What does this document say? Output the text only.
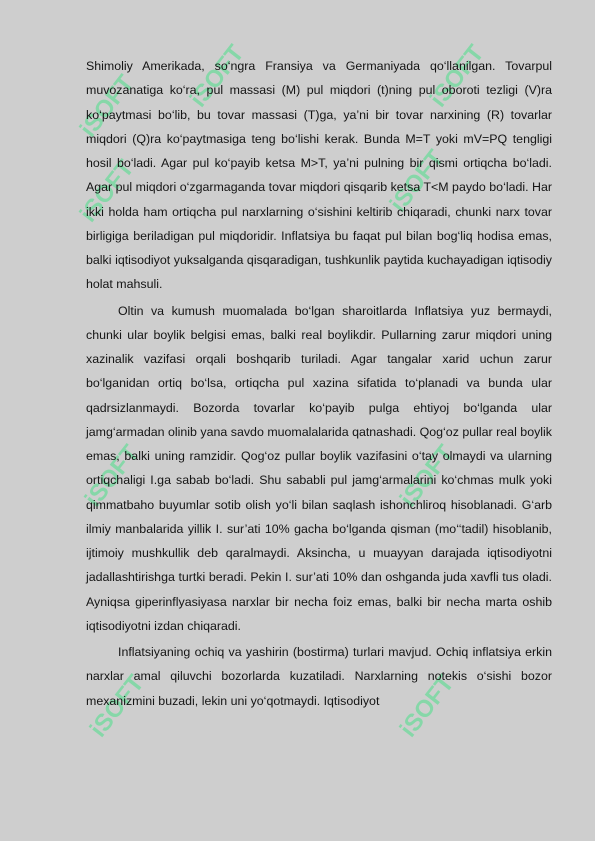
iSOFT iSOFT	iSOFT
iSOFT	iSOFT
iSOFT	iSOFT
iSOFT	iSOFT

Shimoliy Amerikada, so‘ngra Fransiya va Germaniyada qo‘llanilgan. Tovarpul muvozanatiga ko‘ra, pul massasi (M) pul miqdori (t)ning pul oboroti tezligi (V)ra ko‘paytmasi bo‘lib, bu tovar massasi (T)ga, ya’ni bir tovar narxining (R) tovarlar miqdori (Q)ra ko‘paytmasiga teng bo‘lishi kerak. Bunda M=T yoki mV=PQ tengligi hosil bo‘ladi. Agar pul ko‘payib ketsa M>T, ya’ni pulning bir qismi ortiqcha bo‘ladi. Agar pul miqdori o‘zgarmaganda tovar miqdori qisqarib ketsa T<M paydo bo‘ladi. Har ikki holda ham ortiqcha pul narxlarning o‘sishini keltirib chiqaradi, chunki narx tovar birligiga beriladigan pul miqdoridir. Inflatsiya bu faqat pul bilan bog‘liq hodisa emas, balki iqtisodiyot yuksalganda qisqaradigan, tushkunlik paytida kuchayadigan iqtisodiy holat mahsuli.

Oltin va kumush muomalada bo‘lgan sharoitlarda Inflatsiya yuz bermaydi, chunki ular boylik belgisi emas, balki real boylikdir. Pullarning zarur miqdori uning xazinalik vazifasi orqali boshqarib turiladi. Agar tangalar xarid uchun zarur bo‘lganidan ortiq bo‘lsa, ortiqcha pul xazina sifatida to‘planadi va bunda ular qadrsizlanmaydi. Bozorda tovarlar ko‘payib pulga ehtiyoj bo‘lganda ular jamg‘armadan olinib yana savdo muomalalarida qatnashadi. Qog‘oz pullar real boylik emas, balki uning ramzidir. Qog‘oz pullar boylik vazifasini o‘tay olmaydi va ularning ortiqchaligi I.ga sabab bo‘ladi. Shu sababli pul jamg‘armalarini ko‘chmas mulk yoki qimmatbaho buyumlar sotib olish yo‘li bilan saqlash ishonchliroq hisoblanadi. G‘arb ilmiy manbalarida yillik I. sur’ati 10% gacha bo‘lganda qisman (mo‘‘tadil) hisoblanib, ijtimoiy mushkullik deb qaralmaydi. Aksincha, u muayyan darajada iqtisodiyotni jadallashtirishga turtki beradi. Pekin I. sur’ati 10% dan oshganda juda xavfli tus oladi. Ayniqsa giperinflyasiyasa narxlar bir necha foiz emas, balki bir necha marta oshib iqtisodiyotni izdan chiqaradi.

Inflatsiyaning ochiq va yashirin (bostirma) turlari mavjud. Ochiq inflatsiya erkin narxlar amal qiluvchi bozorlarda kuzatiladi. Narxlarning notekis o‘sishi bozor mexanizmini buzadi, lekin uni yo‘qotmaydi. Iqtisodiyot
